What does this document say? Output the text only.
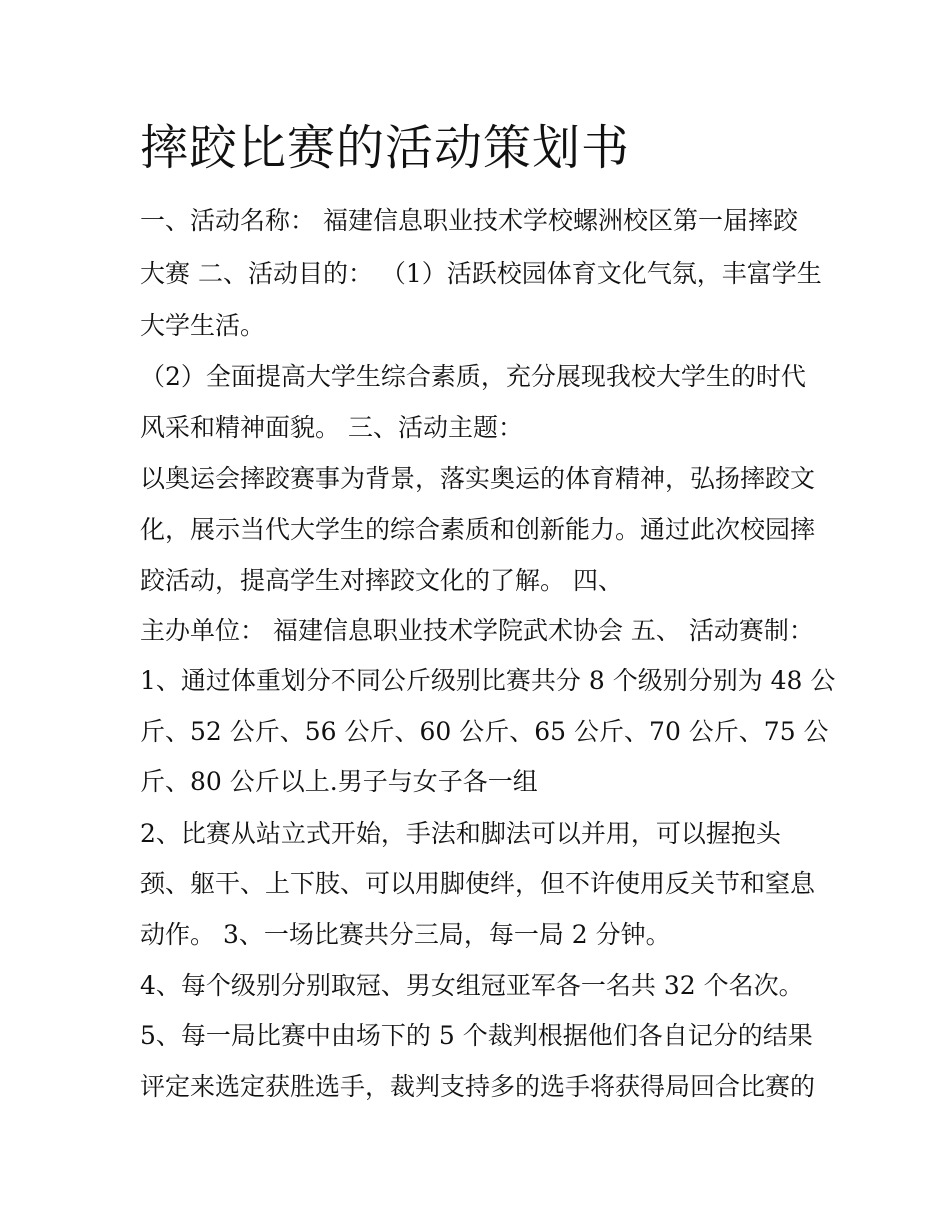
摔跤比赛的活动策划书

一、活动名称： 福建信息职业技术学校螺洲校区第一届摔跤

大赛 二、活动目的： （1）活跃校园体育文化气氛，丰富学生

大学生活。

（2）全面提高大学生综合素质，充分展现我校大学生的时代

风采和精神面貌。 三、活动主题：

以奥运会摔跤赛事为背景，落实奥运的体育精神，弘扬摔跤文

化，展示当代大学生的综合素质和创新能力。通过此次校园摔

跤活动，提高学生对摔跤文化的了解。 四、

主办单位： 福建信息职业技术学院武术协会 五、 活动赛制：

1、通过体重划分不同公斤级别比赛共分 8 个级别分别为 48 公

斤、52 公斤、56 公斤、60 公斤、65 公斤、70 公斤、75 公

斤、80 公斤以上.男子与女子各一组

2、比赛从站立式开始，手法和脚法可以并用，可以握抱头

颈、躯干、上下肢、可以用脚使绊，但不许使用反关节和窒息

动作。 3、一场比赛共分三局，每一局 2 分钟。

4、每个级别分别取冠、男女组冠亚军各一名共 32 个名次。

5、每一局比赛中由场下的 5 个裁判根据他们各自记分的结果

评定来选定获胜选手，裁判支持多的选手将获得局回合比赛的
